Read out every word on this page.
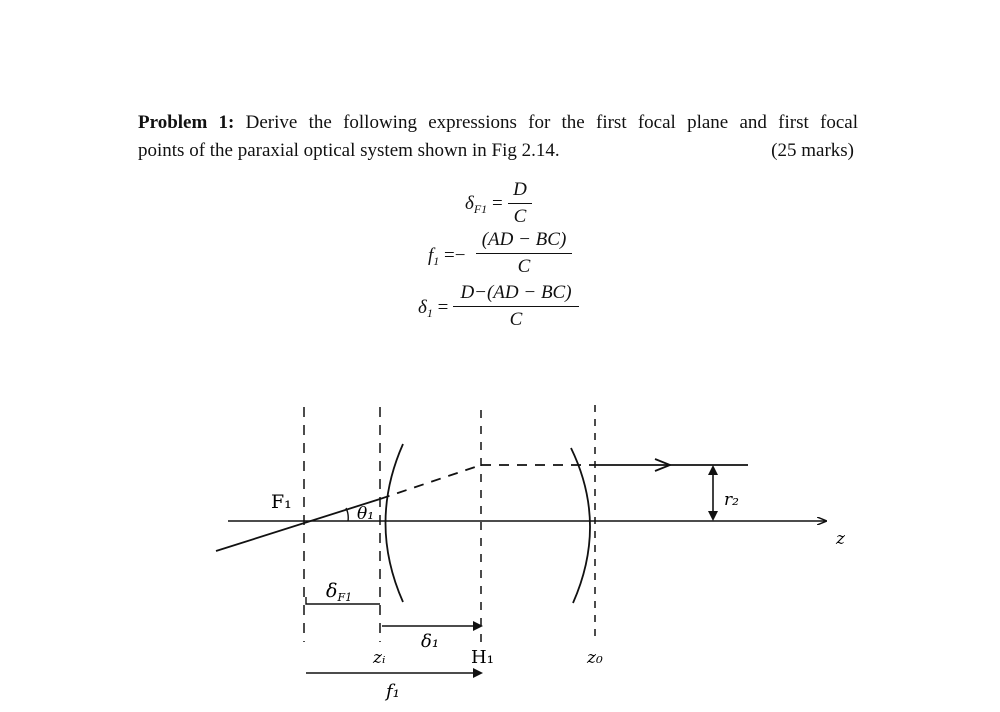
Problem 1: Derive the following expressions for the first focal plane and first focal
points of the paraxial optical system shown in Fig 2.14.	(25 marks)
$\delta_{F1}$ =
D
C
$f_1$ =−
(AD − BC)
C
$\delta_1$ =
D−(AD − BC)
C
F₁
θ₁
r₂
z
$\delta_{F1}$
δ₁
zᵢ	H₁	z₀
f₁
